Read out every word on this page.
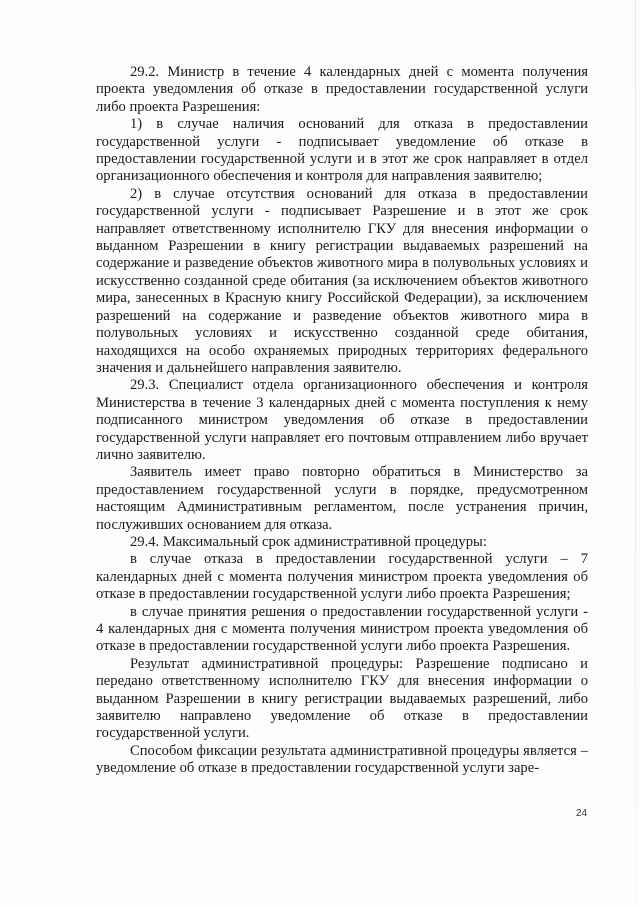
29.2. Министр в течение 4 календарных дней с момента получения проекта уведомления об отказе в предоставлении государственной услуги либо проекта Разрешения:

1) в случае наличия оснований для отказа в предоставлении государственной услуги - подписывает уведомление об отказе в предоставлении государственной услуги и в этот же срок направляет в отдел организационного обеспечения и контроля для направления заявителю;

2) в случае отсутствия оснований для отказа в предоставлении государственной услуги - подписывает Разрешение и в этот же срок направляет ответственному исполнителю ГКУ для внесения информации о выданном Разрешении в книгу регистрации выдаваемых разрешений на содержание и разведение объектов животного мира в полувольных условиях и искусственно созданной среде обитания (за исключением объектов животного мира, занесенных в Красную книгу Российской Федерации), за исключением разрешений на содержание и разведение объектов животного мира в полувольных условиях и искусственно созданной среде обитания, находящихся на особо охраняемых природных территориях федерального значения и дальнейшего направления заявителю.

29.3. Специалист отдела организационного обеспечения и контроля Министерства в течение 3 календарных дней с момента поступления к нему подписанного министром уведомления об отказе в предоставлении государственной услуги направляет его почтовым отправлением либо вручает лично заявителю.

Заявитель имеет право повторно обратиться в Министерство за предоставлением государственной услуги в порядке, предусмотренном настоящим Административным регламентом, после устранения причин, послуживших основанием для отказа.

29.4. Максимальный срок административной процедуры:

в случае отказа в предоставлении государственной услуги – 7 календарных дней с момента получения министром проекта уведомления об отказе в предоставлении государственной услуги либо проекта Разрешения;

в случае принятия решения о предоставлении государственной услуги - 4 календарных дня с момента получения министром проекта уведомления об отказе в предоставлении государственной услуги либо проекта Разрешения.

Результат административной процедуры: Разрешение подписано и передано ответственному исполнителю ГКУ для внесения информации о выданном Разрешении в книгу регистрации выдаваемых разрешений, либо заявителю направлено уведомление об отказе в предоставлении государственной услуги.

Способом фиксации результата административной процедуры является – уведомление об отказе в предоставлении государственной услуги заре-

24
